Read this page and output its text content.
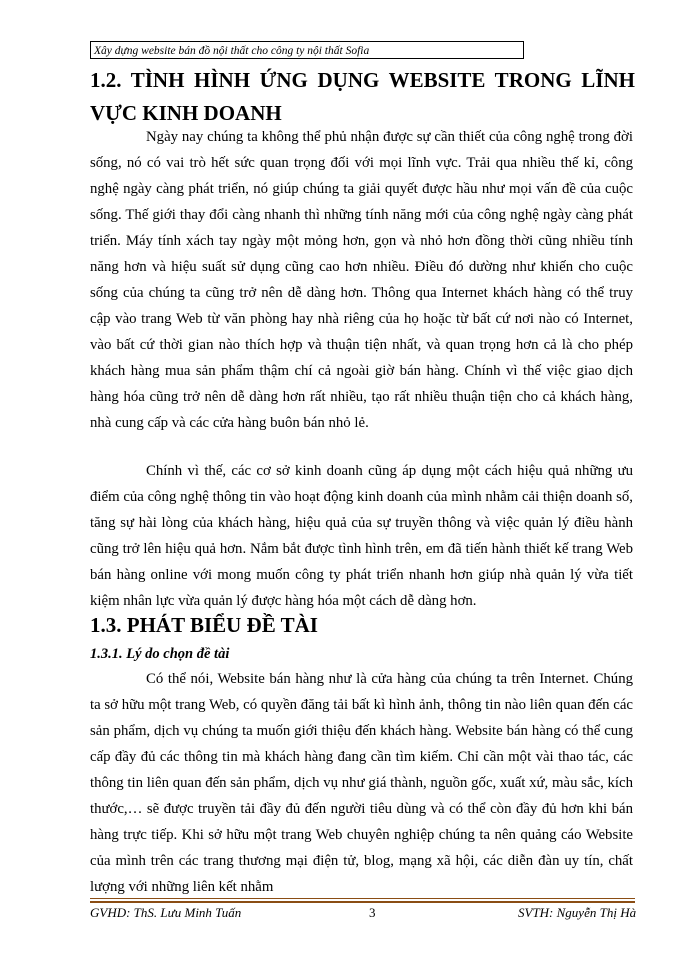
Xây dựng website bán đồ nội thất cho công ty nội thất Sofia
1.2. TÌNH HÌNH ỨNG DỤNG WEBSITE TRONG LĨNH VỰC KINH DOANH

Ngày nay chúng ta không thể phủ nhận được sự cần thiết của công nghệ trong đời sống, nó có vai trò hết sức quan trọng đối với mọi lĩnh vực. Trải qua nhiều thế kỉ, công nghệ ngày càng phát triển, nó giúp chúng ta giải quyết được hầu như mọi vấn đề của cuộc sống. Thế giới thay đổi càng nhanh thì những tính năng mới của công nghệ ngày càng phát triển. Máy tính xách tay ngày một mỏng hơn, gọn và nhỏ hơn đồng thời cũng nhiều tính năng hơn và hiệu suất sử dụng cũng cao hơn nhiều. Điều đó dường như khiến cho cuộc sống của chúng ta cũng trở nên dễ dàng hơn. Thông qua Internet khách hàng có thể truy cập vào trang Web từ văn phòng hay nhà riêng của họ hoặc từ bất cứ nơi nào có Internet, vào bất cứ thời gian nào thích hợp và thuận tiện nhất, và quan trọng hơn cả là cho phép khách hàng mua sản phẩm thậm chí cả ngoài giờ bán hàng. Chính vì thế việc giao dịch hàng hóa cũng trở nên dễ dàng hơn rất nhiều, tạo rất nhiều thuận tiện cho cả khách hàng, nhà cung cấp và các cửa hàng buôn bán nhỏ lẻ.

Chính vì thế, các cơ sở kinh doanh cũng áp dụng một cách hiệu quả những ưu điểm của công nghệ thông tin vào hoạt động kinh doanh của mình nhằm cải thiện doanh số, tăng sự hài lòng của khách hàng, hiệu quả của sự truyền thông và việc quản lý điều hành cũng trở lên hiệu quả hơn. Nắm bắt được tình hình trên, em đã tiến hành thiết kế trang Web bán hàng online với mong muốn công ty phát triển nhanh hơn giúp nhà quản lý vừa tiết kiệm nhân lực vừa quản lý được hàng hóa một cách dễ dàng hơn.

1.3. PHÁT BIỂU ĐỀ TÀI
1.3.1. Lý do chọn đề tài

Có thể nói, Website bán hàng như là cửa hàng của chúng ta trên Internet. Chúng ta sở hữu một trang Web, có quyền đăng tải bất kì hình ảnh, thông tin nào liên quan đến các sản phẩm, dịch vụ chúng ta muốn giới thiệu đến khách hàng. Website bán hàng có thể cung cấp đầy đủ các thông tin mà khách hàng đang cần tìm kiếm. Chỉ cần một vài thao tác, các thông tin liên quan đến sản phẩm, dịch vụ như giá thành, nguồn gốc, xuất xứ, màu sắc, kích thước,… sẽ được truyền tải đầy đủ đến người tiêu dùng và có thể còn đầy đủ hơn khi bán hàng trực tiếp. Khi sở hữu một trang Web chuyên nghiệp chúng ta nên quảng cáo Website của mình trên các trang thương mại điện tử, blog, mạng xã hội, các diễn đàn uy tín, chất lượng với những liên kết nhằm

GVHD: ThS. Lưu Minh Tuấn	3	SVTH: Nguyễn Thị Hà
